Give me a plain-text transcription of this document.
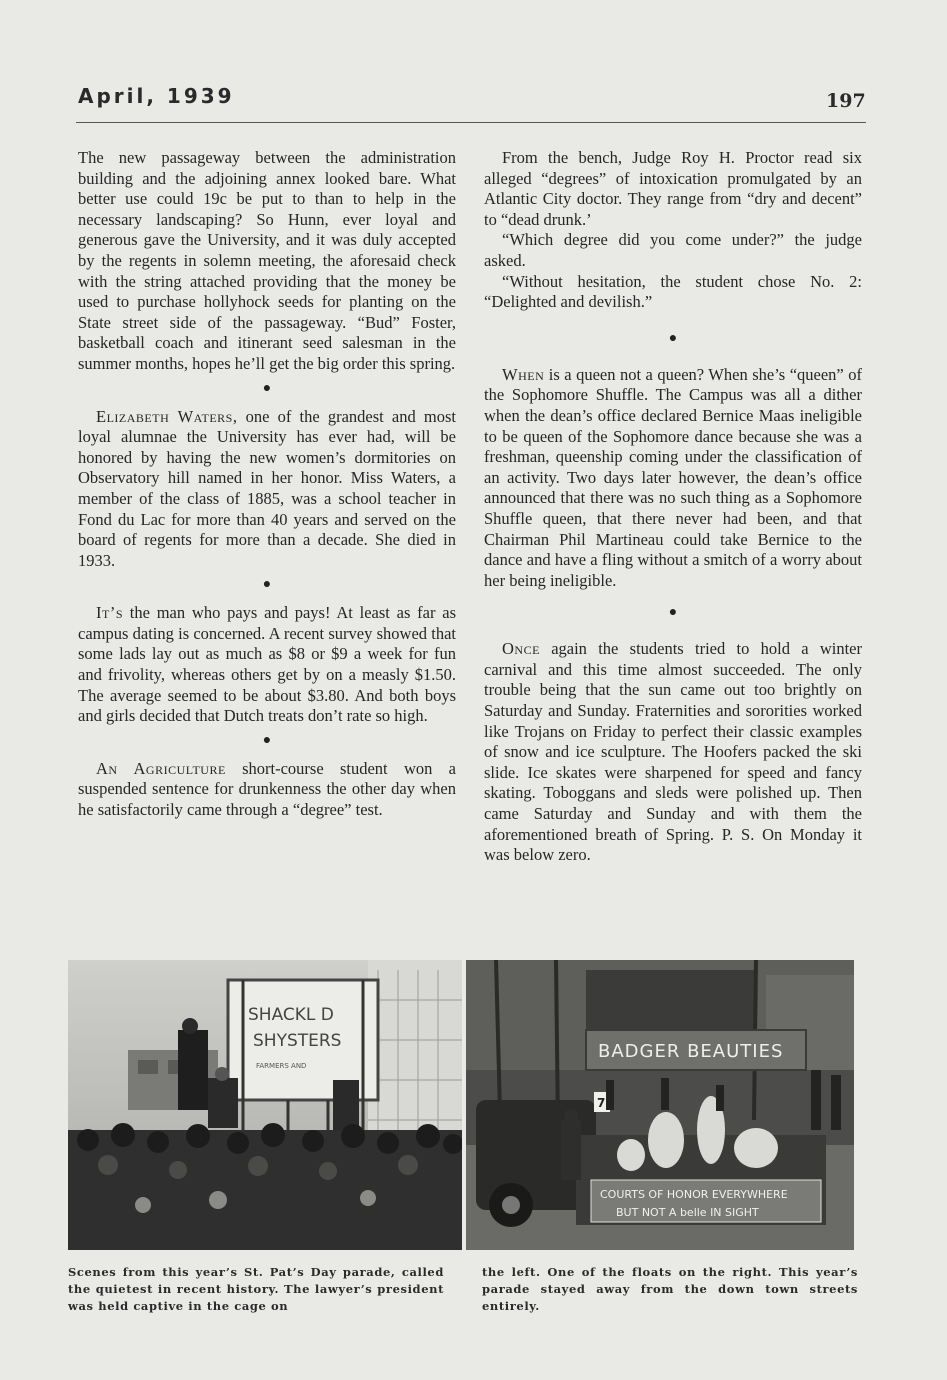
April, 1939	197

The new passageway between the administration building and the adjoining annex looked bare. What better use could 19c be put to than to help in the necessary landscaping? So Hunn, ever loyal and generous gave the University, and it was duly accepted by the regents in solemn meeting, the aforesaid check with the string attached providing that the money be used to purchase hollyhock seeds for planting on the State street side of the passageway. “Bud” Foster, basketball coach and itinerant seed salesman in the summer months, hopes he’ll get the big order this spring.

●

Elizabeth Waters, one of the grandest and most loyal alumnae the University has ever had, will be honored by having the new women’s dormitories on Observatory hill named in her honor. Miss Waters, a member of the class of 1885, was a school teacher in Fond du Lac for more than 40 years and served on the board of regents for more than a decade. She died in 1933.

●

It’s the man who pays and pays! At least as far as campus dating is concerned. A recent survey showed that some lads lay out as much as $8 or $9 a week for fun and frivolity, whereas others get by on a measly $1.50. The average seemed to be about $3.80. And both boys and girls decided that Dutch treats don’t rate so high.

●

An Agriculture short-course student won a suspended sentence for drunkenness the other day when he satisfactorily came through a “degree” test.

From the bench, Judge Roy H. Proctor read six alleged “degrees” of intoxication promulgated by an Atlantic City doctor. They range from “dry and decent” to “dead drunk.’

“Which degree did you come under?” the judge asked.

“Without hesitation, the student chose No. 2: “Delighted and devilish.”

●

When is a queen not a queen? When she’s “queen” of the Sophomore Shuffle. The Campus was all a dither when the dean’s office declared Bernice Maas ineligible to be queen of the Sophomore dance because she was a freshman, queenship coming under the classification of an activity. Two days later however, the dean’s office announced that there was no such thing as a Sophomore Shuffle queen, that there never had been, and that Chairman Phil Martineau could take Bernice to the dance and have a fling without a smitch of a worry about her being ineligible.

●

Once again the students tried to hold a winter carnival and this time almost succeeded. The only trouble being that the sun came out too brightly on Saturday and Sunday. Fraternities and sororities worked like Trojans on Friday to perfect their classic examples of snow and ice sculpture. The Hoofers packed the ski slide. Ice skates were sharpened for speed and fancy skating. Toboggans and sleds were polished up. Then came Saturday and Sunday and with them the aforementioned breath of Spring. P. S. On Monday it was below zero.

SHACKL D
SHYSTERS
FARMERS AND
BADGER BEAUTIES
COURTS OF HONOR EVERYWHERE
BUT NOT A belle IN SIGHT
7
Scenes from this year’s St. Pat’s Day parade, called the quietest in recent history. The lawyer’s president was held captive in the cage on
the left. One of the floats on the right. This year’s parade stayed away from the down town streets entirely.
